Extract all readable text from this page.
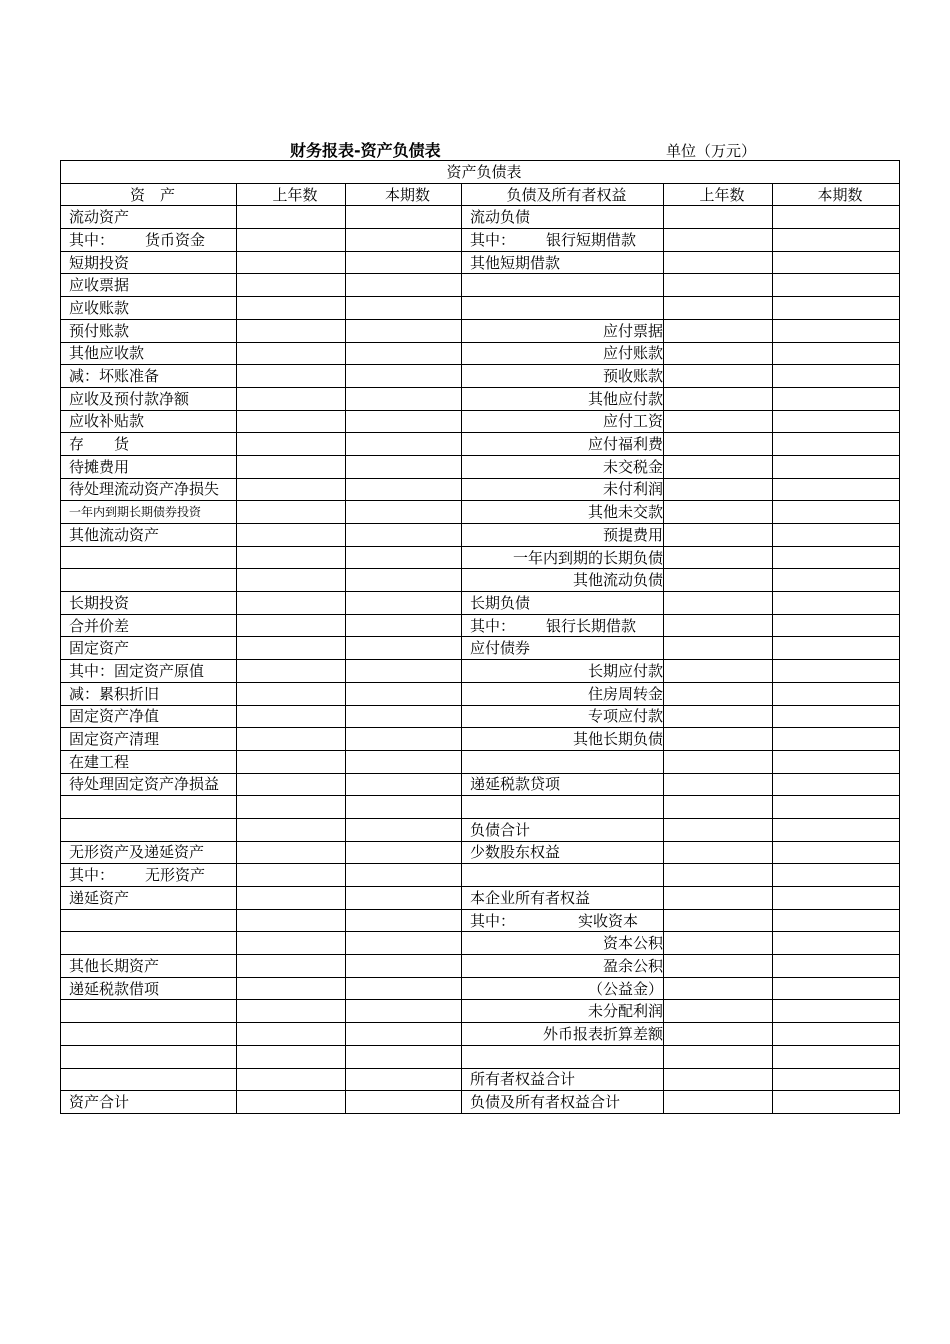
财务报表-资产负债表	单位（万元）
资产负债表					
资　产	上年数	本期数	负债及所有者权益	上年数	本期数
流动资产			流动负债		
其中： 货币资金			其中： 银行短期借款		
短期投资			其他短期借款		
应收票据					
应收账款					
预付账款			应付票据		
其他应收款			应付账款		
减：坏账准备			预收账款		
应收及预付款净额			其他应付款		
应收补贴款			应付工资		
存　　货			应付福利费		
待摊费用			未交税金		
待处理流动资产净损失			未付利润		
一年内到期长期债券投资			其他未交款		
其他流动资产			预提费用		
			一年内到期的长期负债		
			其他流动负债		
长期投资			长期负债		
合并价差			其中： 银行长期借款		
固定资产			应付债券		
其中：固定资产原值			长期应付款		
减：累积折旧			住房周转金		
固定资产净值			专项应付款		
固定资产清理			其他长期负债		
在建工程					
待处理固定资产净损益			递延税款贷项		

			负债合计		
无形资产及递延资产			少数股东权益		
其中： 无形资产					
递延资产			本企业所有者权益		
			其中： 实收资本		
			资本公积		
其他长期资产			盈余公积		
递延税款借项			（公益金）		
			未分配利润		
			外币报表折算差额		

			所有者权益合计		
资产合计			负债及所有者权益合计		
